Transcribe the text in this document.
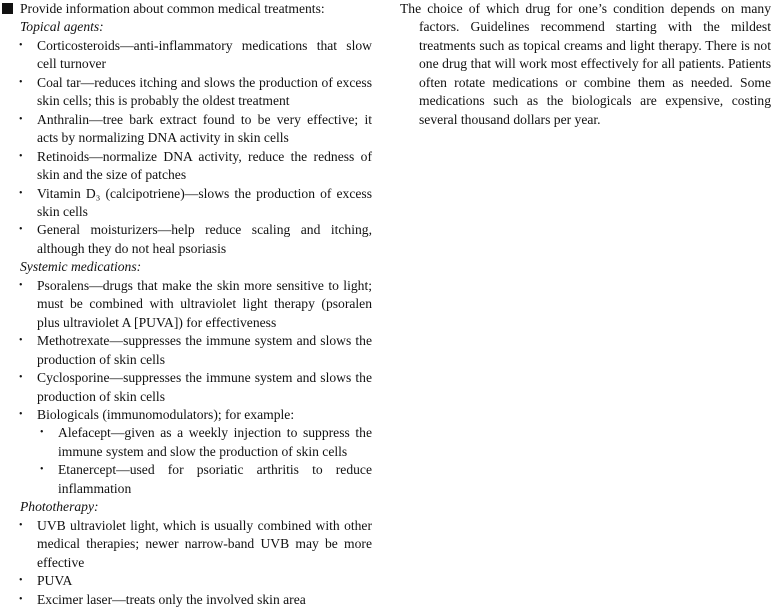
Provide information about common medical treatments:
Topical agents:
• Corticosteroids—anti-inflammatory medications that slow cell turnover
• Coal tar—reduces itching and slows the production of excess skin cells; this is probably the oldest treatment
• Anthralin—tree bark extract found to be very effective; it acts by normalizing DNA activity in skin cells
• Retinoids—normalize DNA activity, reduce the redness of skin and the size of patches
• Vitamin D₃ (calcipotriene)—slows the production of excess skin cells
• General moisturizers—help reduce scaling and itching, although they do not heal psoriasis
Systemic medications:
• Psoralens—drugs that make the skin more sensitive to light; must be combined with ultraviolet light therapy (psoralen plus ultraviolet A [PUVA]) for effectiveness
• Methotrexate—suppresses the immune system and slows the production of skin cells
• Cyclosporine—suppresses the immune system and slows the production of skin cells
• Biologicals (immunomodulators); for example:
• Alefacept—given as a weekly injection to suppress the immune system and slow the production of skin cells
• Etanercept—used for psoriatic arthritis to reduce inflammation
Phototherapy:
• UVB ultraviolet light, which is usually combined with other medical therapies; newer narrow-band UVB may be more effective
• PUVA
• Excimer laser—treats only the involved skin area

The choice of which drug for one’s condition depends on many factors. Guidelines recommend starting with the mildest treatments such as topical creams and light therapy. There is not one drug that will work most effectively for all patients. Patients often rotate medications or combine them as needed. Some medications such as the biologicals are expensive, costing several thousand dollars per year.
